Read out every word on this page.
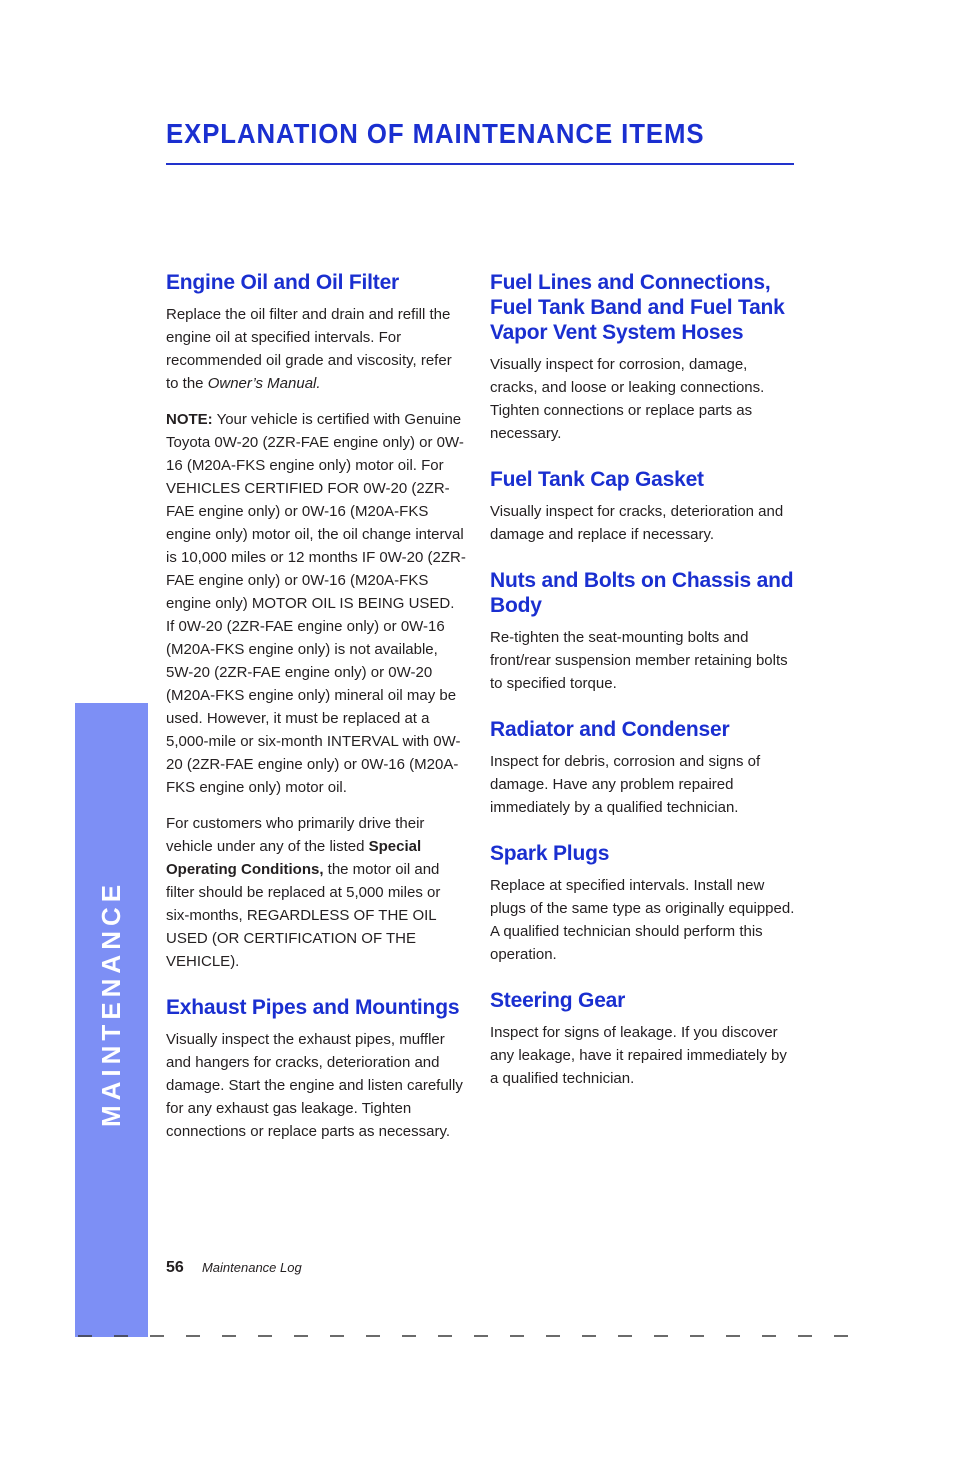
EXPLANATION OF MAINTENANCE ITEMS
MAINTENANCE
Engine Oil and Oil Filter

Replace the oil filter and drain and refill the engine oil at specified intervals. For recommended oil grade and viscosity, refer to the Owner’s Manual.

NOTE: Your vehicle is certified with Genuine Toyota 0W-20 (2ZR-FAE engine only) or 0W-16 (M20A-FKS engine only) motor oil. For VEHICLES CERTIFIED FOR 0W-20 (2ZR-FAE engine only) or 0W-16 (M20A-FKS engine only) motor oil, the oil change interval is 10,000 miles or 12 months IF 0W-20 (2ZR-FAE engine only) or 0W-16 (M20A-FKS engine only) MOTOR OIL IS BEING USED. If 0W-20 (2ZR-FAE engine only) or 0W-16 (M20A-FKS engine only) is not available, 5W-20 (2ZR-FAE engine only) or 0W-20 (M20A-FKS engine only) mineral oil may be used. However, it must be replaced at a 5,000-mile or six-month INTERVAL with 0W-20 (2ZR-FAE engine only) or 0W-16 (M20A-FKS engine only) motor oil.

For customers who primarily drive their vehicle under any of the listed Special Operating Conditions, the motor oil and filter should be replaced at 5,000 miles or six-months, REGARDLESS OF THE OIL USED (OR CERTIFICATION OF THE VEHICLE).

Exhaust Pipes and Mountings

Visually inspect the exhaust pipes, muffler and hangers for cracks, deterioration and damage. Start the engine and listen carefully for any exhaust gas leakage. Tighten connections or replace parts as necessary.

Fuel Lines and Connections, Fuel Tank Band and Fuel Tank Vapor Vent System Hoses

Visually inspect for corrosion, damage, cracks, and loose or leaking connections. Tighten connections or replace parts as necessary.

Fuel Tank Cap Gasket

Visually inspect for cracks, deterioration and damage and replace if necessary.

Nuts and Bolts on Chassis and Body

Re-tighten the seat-mounting bolts and front/rear suspension member retaining bolts to specified torque.

Radiator and Condenser

Inspect for debris, corrosion and signs of damage. Have any problem repaired immediately by a qualified technician.

Spark Plugs

Replace at specified intervals. Install new plugs of the same type as originally equipped. A qualified technician should perform this operation.

Steering Gear

Inspect for signs of leakage. If you discover any leakage, have it repaired immediately by a qualified technician.

56 Maintenance Log
